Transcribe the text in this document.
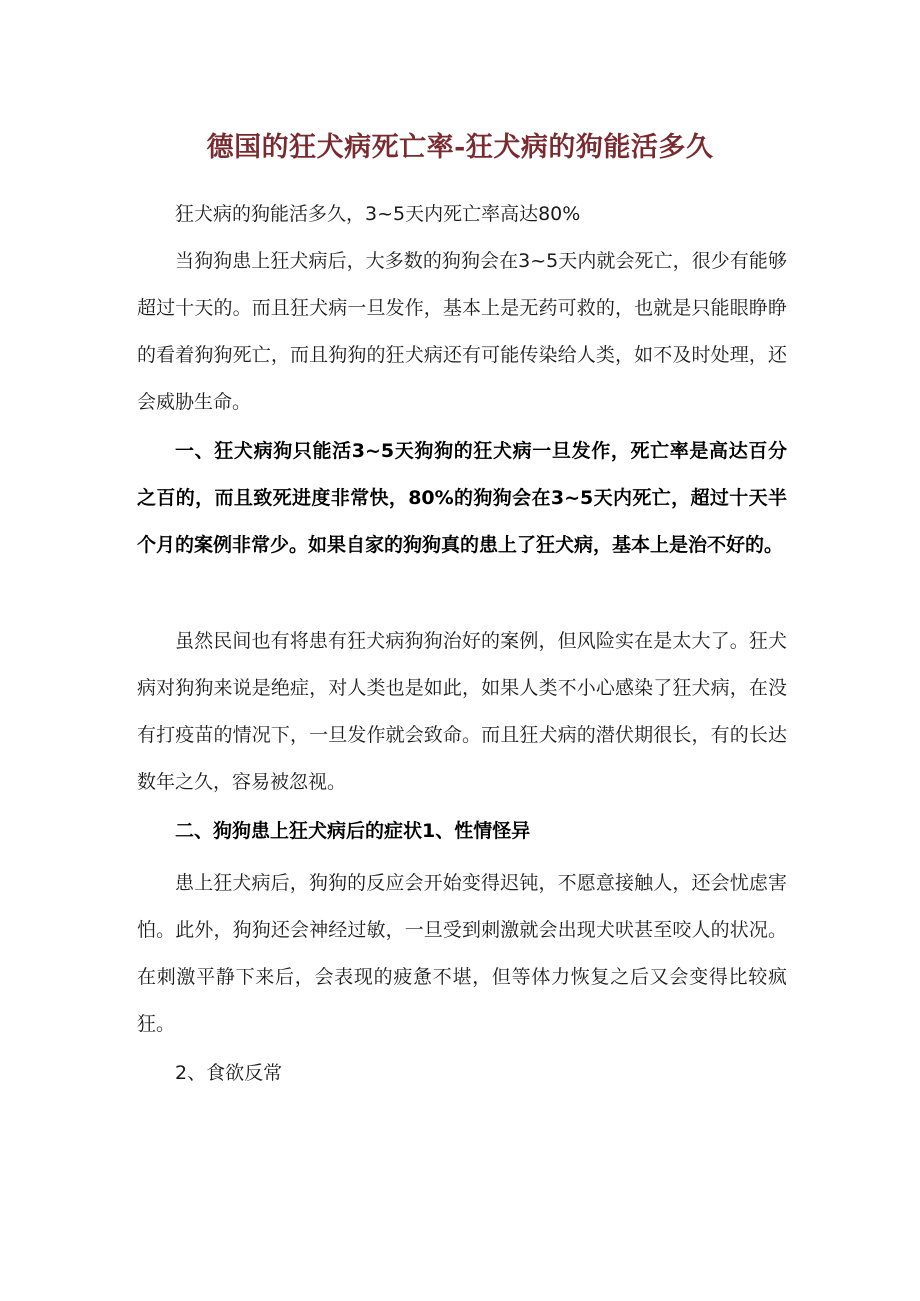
德国的狂犬病死亡率-狂犬病的狗能活多久

狂犬病的狗能活多久，3~5天内死亡率高达80%

当狗狗患上狂犬病后，大多数的狗狗会在3~5天内就会死亡，很少有能够超过十天的。而且狂犬病一旦发作，基本上是无药可救的，也就是只能眼睁睁的看着狗狗死亡，而且狗狗的狂犬病还有可能传染给人类，如不及时处理，还会威胁生命。

一、狂犬病狗只能活3~5天狗狗的狂犬病一旦发作，死亡率是高达百分之百的，而且致死进度非常快，80%的狗狗会在3~5天内死亡，超过十天半个月的案例非常少。如果自家的狗狗真的患上了狂犬病，基本上是治不好的。

虽然民间也有将患有狂犬病狗狗治好的案例，但风险实在是太大了。狂犬病对狗狗来说是绝症，对人类也是如此，如果人类不小心感染了狂犬病，在没有打疫苗的情况下，一旦发作就会致命。而且狂犬病的潜伏期很长，有的长达数年之久，容易被忽视。

二、狗狗患上狂犬病后的症状1、性情怪异

患上狂犬病后，狗狗的反应会开始变得迟钝，不愿意接触人，还会忧虑害怕。此外，狗狗还会神经过敏，一旦受到刺激就会出现犬吠甚至咬人的状况。在刺激平静下来后，会表现的疲惫不堪，但等体力恢复之后又会变得比较疯狂。

2、食欲反常
